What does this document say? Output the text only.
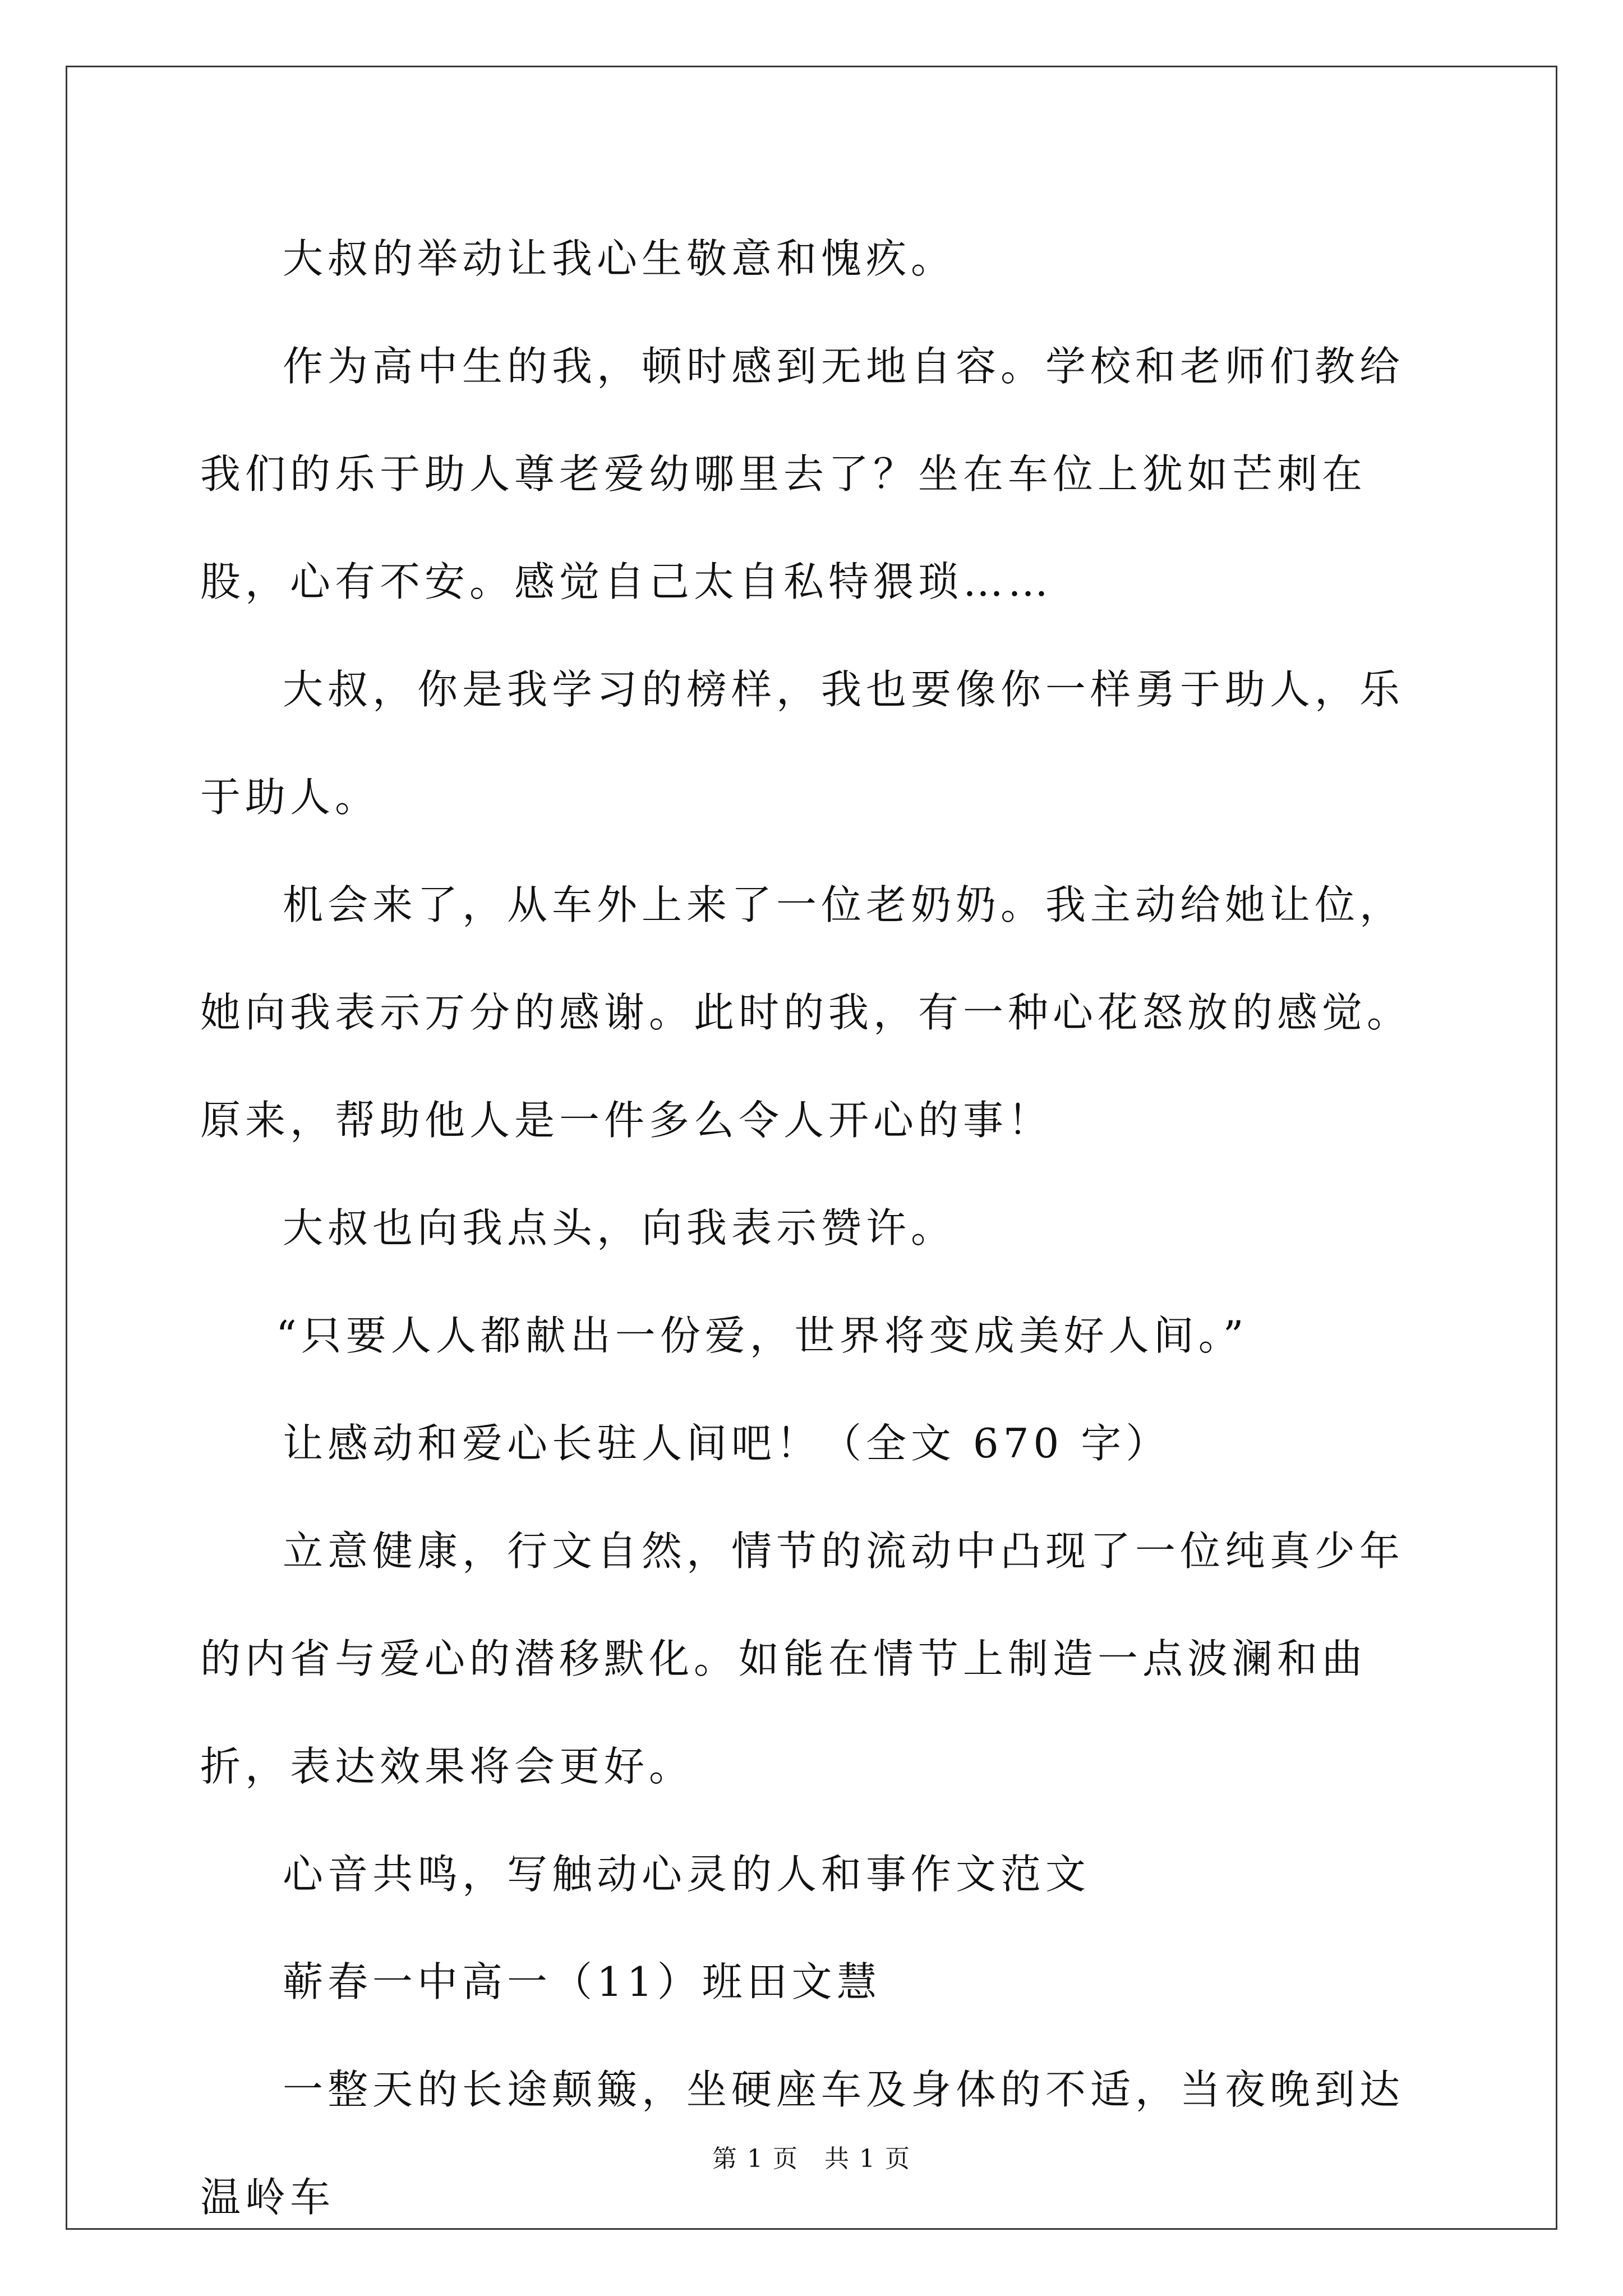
大叔的举动让我心生敬意和愧疚。

作为高中生的我，顿时感到无地自容。学校和老师们教给我们的乐于助人尊老爱幼哪里去了？坐在车位上犹如芒刺在股，心有不安。感觉自己太自私特猥琐……

大叔，你是我学习的榜样，我也要像你一样勇于助人，乐于助人。

机会来了，从车外上来了一位老奶奶。我主动给她让位，她向我表示万分的感谢。此时的我，有一种心花怒放的感觉。原来，帮助他人是一件多么令人开心的事！

大叔也向我点头，向我表示赞许。

“只要人人都献出一份爱，世界将变成美好人间。”

让感动和爱心长驻人间吧！（全文 670 字）

立意健康，行文自然，情节的流动中凸现了一位纯真少年的内省与爱心的潜移默化。如能在情节上制造一点波澜和曲折，表达效果将会更好。

心音共鸣，写触动心灵的人和事作文范文

蕲春一中高一（11）班田文慧

一整天的长途颠簸，坐硬座车及身体的不适，当夜晚到达温岭车

第 1 页　共 1 页
